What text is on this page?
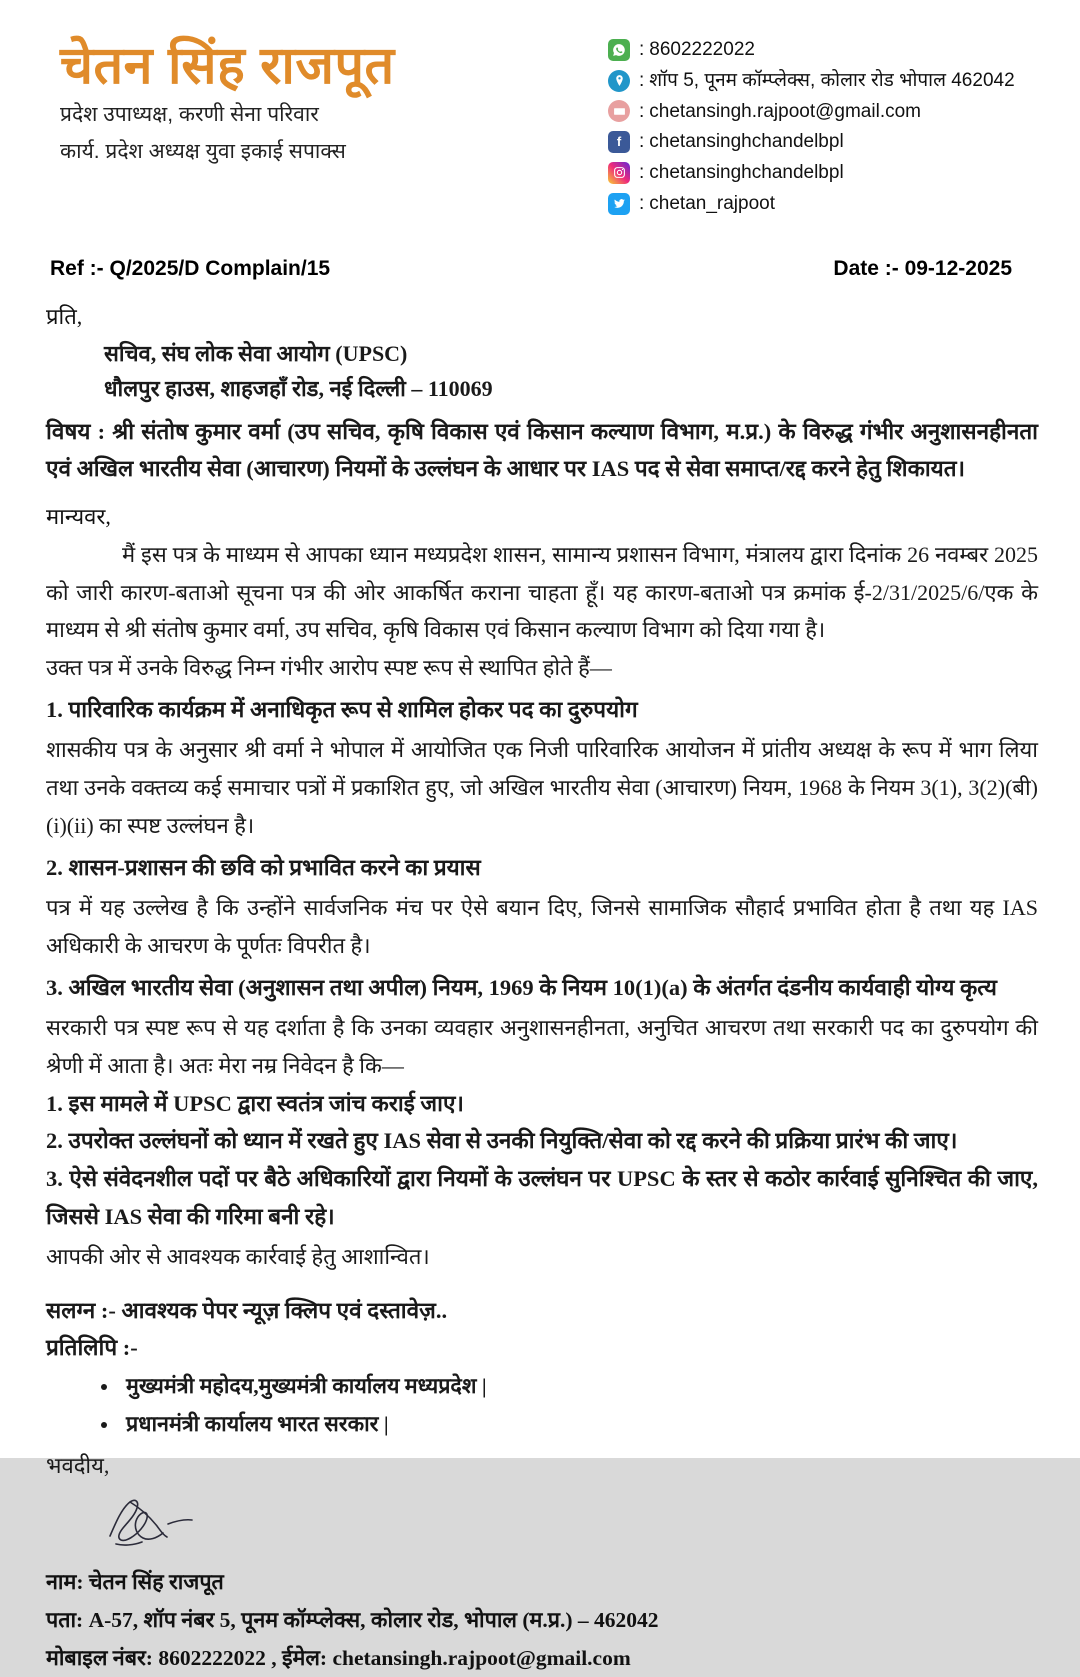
चेतन सिंह राजपूत
प्रदेश उपाध्यक्ष, करणी सेना परिवार
कार्य. प्रदेश अध्यक्ष युवा इकाई सपाक्स
: 8602222022
: शॉप 5, पूनम कॉम्प्लेक्स, कोलार रोड भोपाल 462042
: chetansingh.rajpoot@gmail.com
f : chetansinghchandelbpl
: chetansinghchandelbpl
: chetan_rajpoot
Ref :- Q/2025/D Complain/15	Date :- 09-12-2025
प्रति,
सचिव, संघ लोक सेवा आयोग (UPSC)
धौलपुर हाउस, शाहजहाँ रोड, नई दिल्ली – 110069
विषय : श्री संतोष कुमार वर्मा (उप सचिव, कृषि विकास एवं किसान कल्याण विभाग, म.प्र.) के विरुद्ध गंभीर अनुशासनहीनता एवं अखिल भारतीय सेवा (आचारण) नियमों के उल्लंघन के आधार पर IAS पद से सेवा समाप्त/रद्द करने हेतु शिकायत।
मान्यवर,

मैं इस पत्र के माध्यम से आपका ध्यान मध्यप्रदेश शासन, सामान्य प्रशासन विभाग, मंत्रालय द्वारा दिनांक 26 नवम्बर 2025 को जारी कारण-बताओ सूचना पत्र की ओर आकर्षित कराना चाहता हूँ। यह कारण-बताओ पत्र क्रमांक ई-2/31/2025/6/एक के माध्यम से श्री संतोष कुमार वर्मा, उप सचिव, कृषि विकास एवं किसान कल्याण विभाग को दिया गया है।

उक्त पत्र में उनके विरुद्ध निम्न गंभीर आरोप स्पष्ट रूप से स्थापित होते हैं—

1. पारिवारिक कार्यक्रम में अनाधिकृत रूप से शामिल होकर पद का दुरुपयोग

शासकीय पत्र के अनुसार श्री वर्मा ने भोपाल में आयोजित एक निजी पारिवारिक आयोजन में प्रांतीय अध्यक्ष के रूप में भाग लिया तथा उनके वक्तव्य कई समाचार पत्रों में प्रकाशित हुए, जो अखिल भारतीय सेवा (आचारण) नियम, 1968 के नियम 3(1), 3(2)(बी)(i)(ii) का स्पष्ट उल्लंघन है।

2. शासन-प्रशासन की छवि को प्रभावित करने का प्रयास

पत्र में यह उल्लेख है कि उन्होंने सार्वजनिक मंच पर ऐसे बयान दिए, जिनसे सामाजिक सौहार्द प्रभावित होता है तथा यह IAS अधिकारी के आचरण के पूर्णतः विपरीत है।

3. अखिल भारतीय सेवा (अनुशासन तथा अपील) नियम, 1969 के नियम 10(1)(a) के अंतर्गत दंडनीय कार्यवाही योग्य कृत्य

सरकारी पत्र स्पष्ट रूप से यह दर्शाता है कि उनका व्यवहार अनुशासनहीनता, अनुचित आचरण तथा सरकारी पद का दुरुपयोग की श्रेणी में आता है। अतः मेरा नम्र निवेदन है कि—

1. इस मामले में UPSC द्वारा स्वतंत्र जांच कराई जाए।

2. उपरोक्त उल्लंघनों को ध्यान में रखते हुए IAS सेवा से उनकी नियुक्ति/सेवा को रद्द करने की प्रक्रिया प्रारंभ की जाए।

3. ऐसे संवेदनशील पदों पर बैठे अधिकारियों द्वारा नियमों के उल्लंघन पर UPSC के स्तर से कठोर कार्रवाई सुनिश्चित की जाए, जिससे IAS सेवा की गरिमा बनी रहे।

आपकी ओर से आवश्यक कार्रवाई हेतु आशान्वित।

सलग्न :- आवश्यक पेपर न्यूज़ क्लिप एवं दस्तावेज़..
प्रतिलिपि :-
• मुख्यमंत्री महोदय,मुख्यमंत्री कार्यालय मध्यप्रदेश |
• प्रधानमंत्री कार्यालय भारत सरकार |
भवदीय,
नाम: चेतन सिंह राजपूत
पता: A-57, शॉप नंबर 5, पूनम कॉम्प्लेक्स, कोलार रोड, भोपाल (म.प्र.) – 462042
मोबाइल नंबर: 8602222022 , ईमेल: chetansingh.rajpoot@gmail.com
